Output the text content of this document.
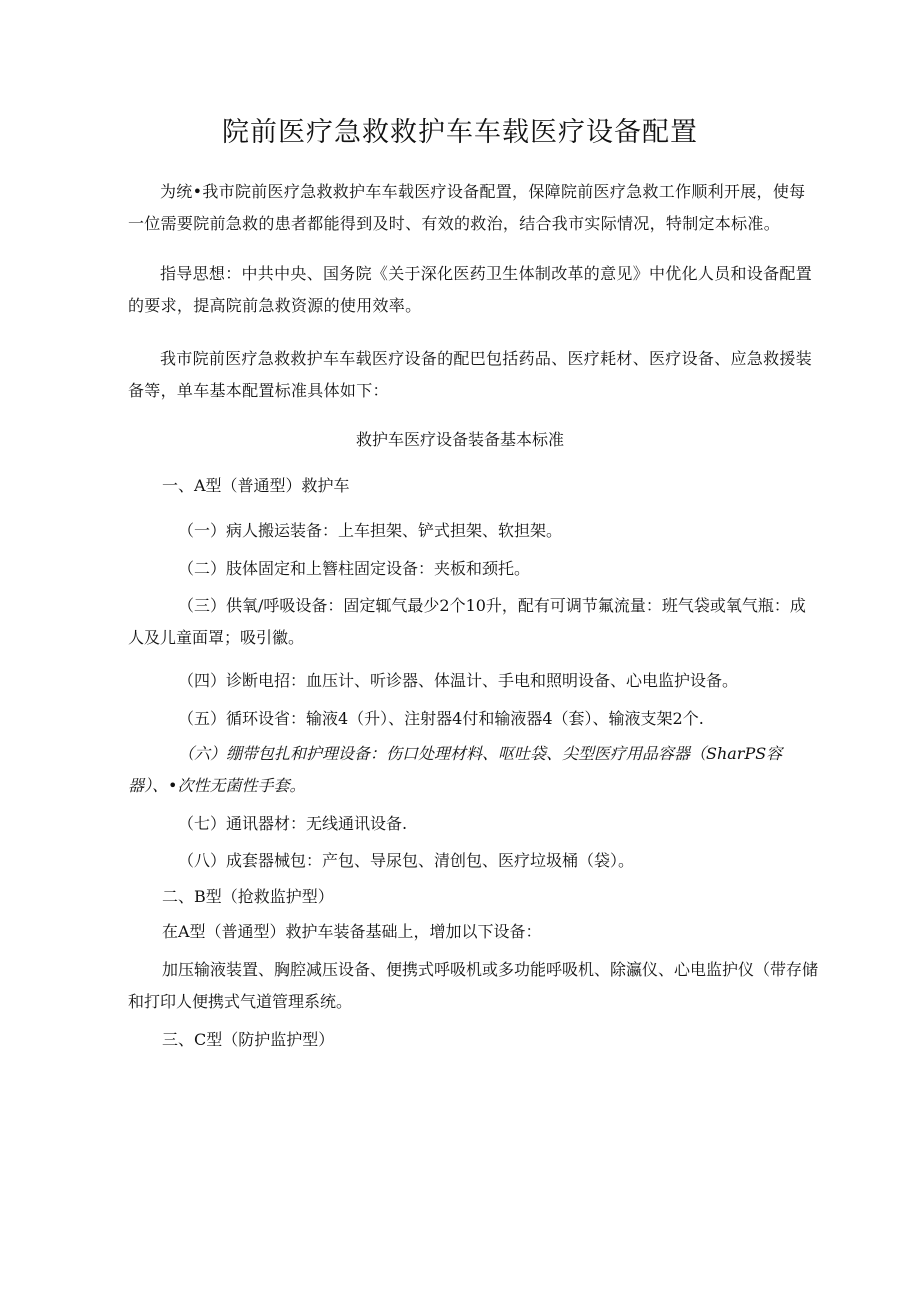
院前医疗急救救护车车载医疗设备配置
为统•我市院前医疗急救救护车车载医疗设备配置，保障院前医疗急救工作顺利开展，使每一位需要院前急救的患者都能得到及时、有效的救治，结合我市实际情况，特制定本标准。
指导思想：中共中央、国务院《关于深化医药卫生体制改革的意见》中优化人员和设备配置的要求，提高院前急救资源的使用效率。
我市院前医疗急救救护车车载医疗设备的配巴包括药品、医疗耗材、医疗设备、应急救援装备等，单车基本配置标准具体如下：
救护车医疗设备装备基本标准
一、A型（普通型）救护车
（一）病人搬运装备：上车担架、铲式担架、软担架。
（二）肢体固定和上簪柱固定设备：夹板和颈托。
（三）供氧/呼吸设备：固定辄气最少2个10升，配有可调节氟流量：班气袋或氧气瓶：成人及儿童面罩；吸引徽。
（四）诊断电招：血压计、听诊器、体温计、手电和照明设备、心电监护设备。
（五）循环设省：输液4（升）、注射器4付和输液器4（套）、输液支架2个.
（六）绷带包扎和护理设备：伤口处理材料、呕吐袋、尖型医疗用品容器（SharPS容器）、•次性无菌性手套。
（七）通讯器材：无线通讯设备.
（八）成套器械包：产包、导尿包、清创包、医疗垃圾桶（袋）。
二、B型（抢救监护型）
在A型（普通型）救护车装备基础上，增加以下设备：
加压输液装置、胸腔减压设备、便携式呼吸机或多功能呼吸机、除瀛仪、心电监护仪（带存储和打印人便携式气道管理系统。
三、C型（防护监护型）
